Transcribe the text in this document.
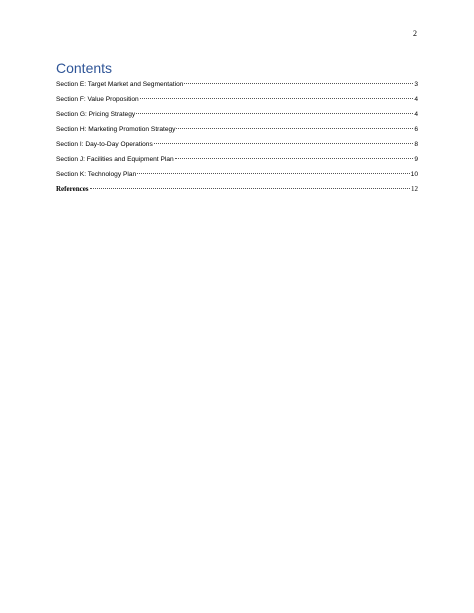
2
Contents
Section E: Target Market and Segmentation	3
Section F: Value Proposition	4
Section G: Pricing Strategy	4
Section H: Marketing Promotion Strategy	6
Section I: Day-to-Day Operations	8
Section J: Facilities and Equipment Plan	9
Section K: Technology Plan	10
References	12
